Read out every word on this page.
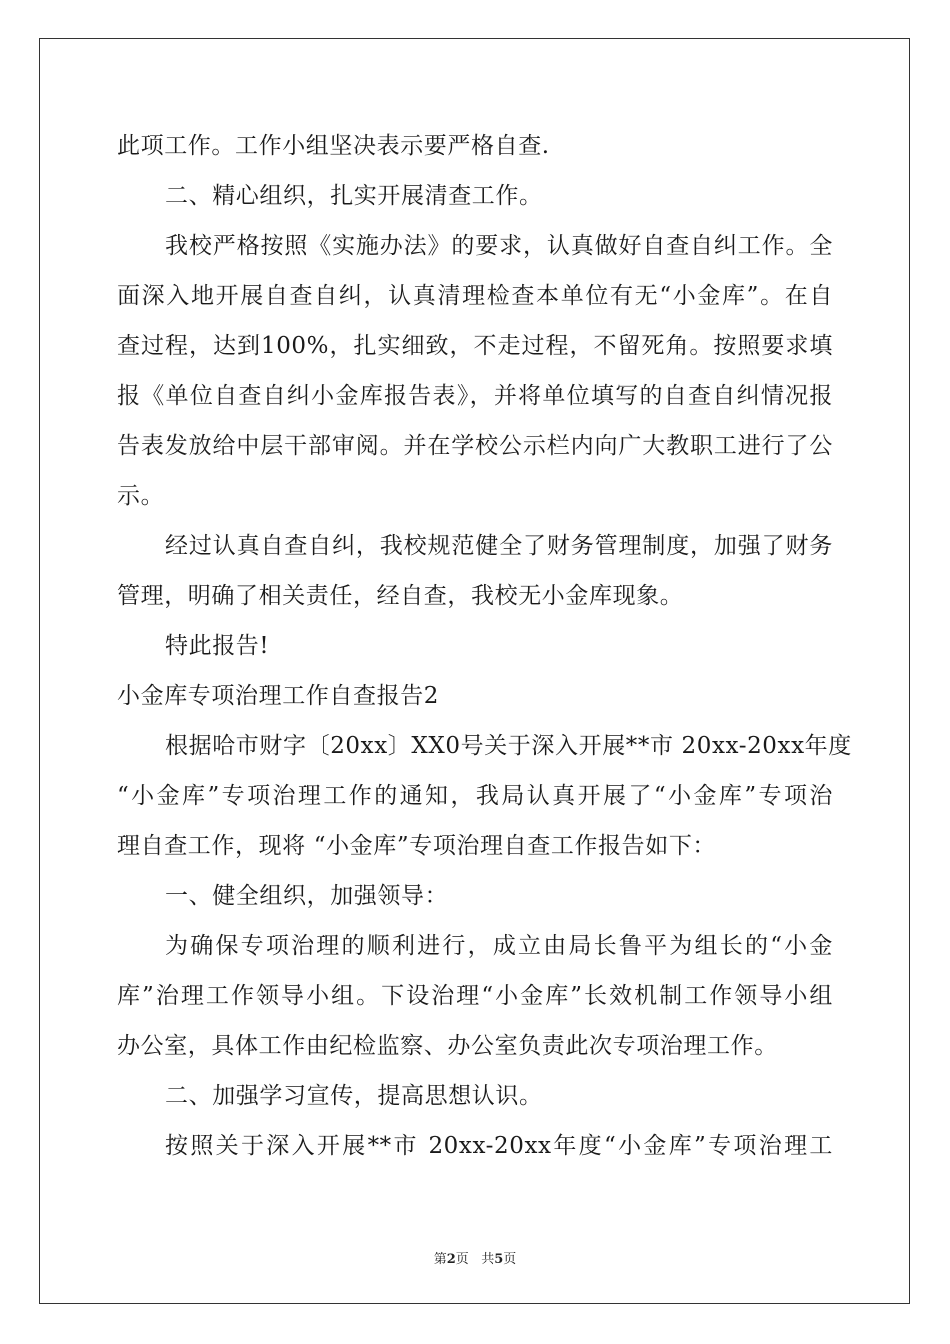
此项工作。工作小组坚决表示要严格自查.
二、精心组织，扎实开展清查工作。
我校严格按照《实施办法》的要求，认真做好自查自纠工作。全
面深入地开展自查自纠，认真清理检查本单位有无“小金库”。在自
查过程，达到100%，扎实细致，不走过程，不留死角。按照要求填
报《单位自查自纠小金库报告表》，并将单位填写的自查自纠情况报
告表发放给中层干部审阅。并在学校公示栏内向广大教职工进行了公
示。
经过认真自查自纠，我校规范健全了财务管理制度，加强了财务
管理，明确了相关责任，经自查，我校无小金库现象。
特此报告!
小金库专项治理工作自查报告2
根据哈市财字〔20xx〕XX0号关于深入开展**市 20xx-20xx年度
“小金库”专项治理工作的通知，我局认真开展了“小金库”专项治
理自查工作，现将 “小金库”专项治理自查工作报告如下：
一、健全组织，加强领导：
为确保专项治理的顺利进行，成立由局长鲁平为组长的“小金
库”治理工作领导小组。下设治理“小金库”长效机制工作领导小组
办公室，具体工作由纪检监察、办公室负责此次专项治理工作。
二、加强学习宣传，提高思想认识。
按照关于深入开展**市 20xx-20xx年度“小金库”专项治理工
第2页 共5页
